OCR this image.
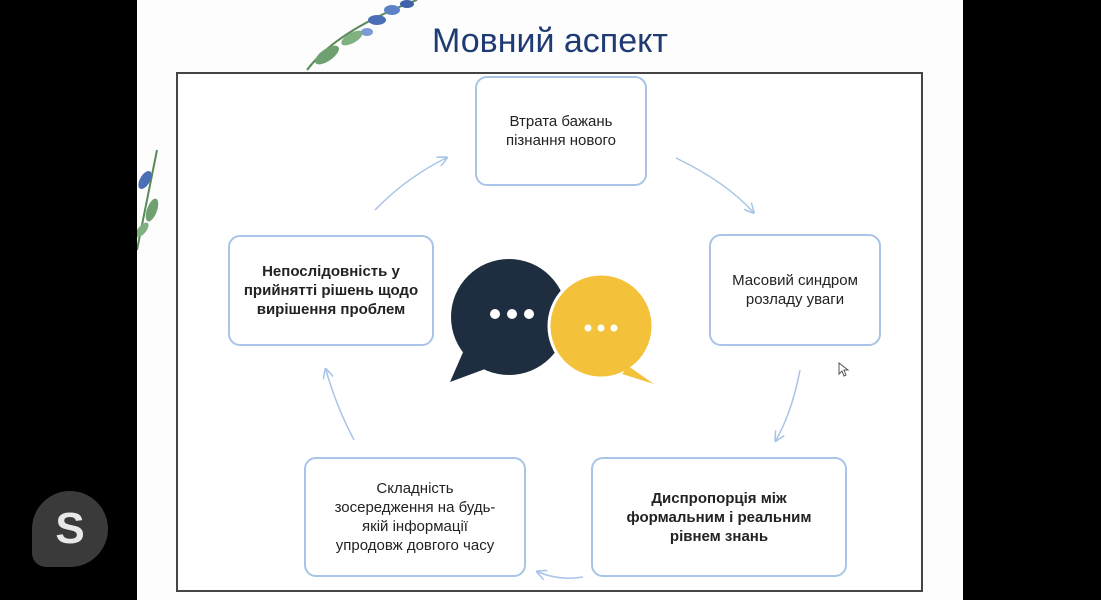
Мовний аспект
Втрата бажань
пізнання нового
Масовий синдром
розладу уваги
Диспропорція між
формальним і реальним
рівнем знань
Складність
зосередження на будь-
якій інформації
упродовж довгого часу
Непослідовність у
прийнятті рішень щодо
вирішення проблем
S
